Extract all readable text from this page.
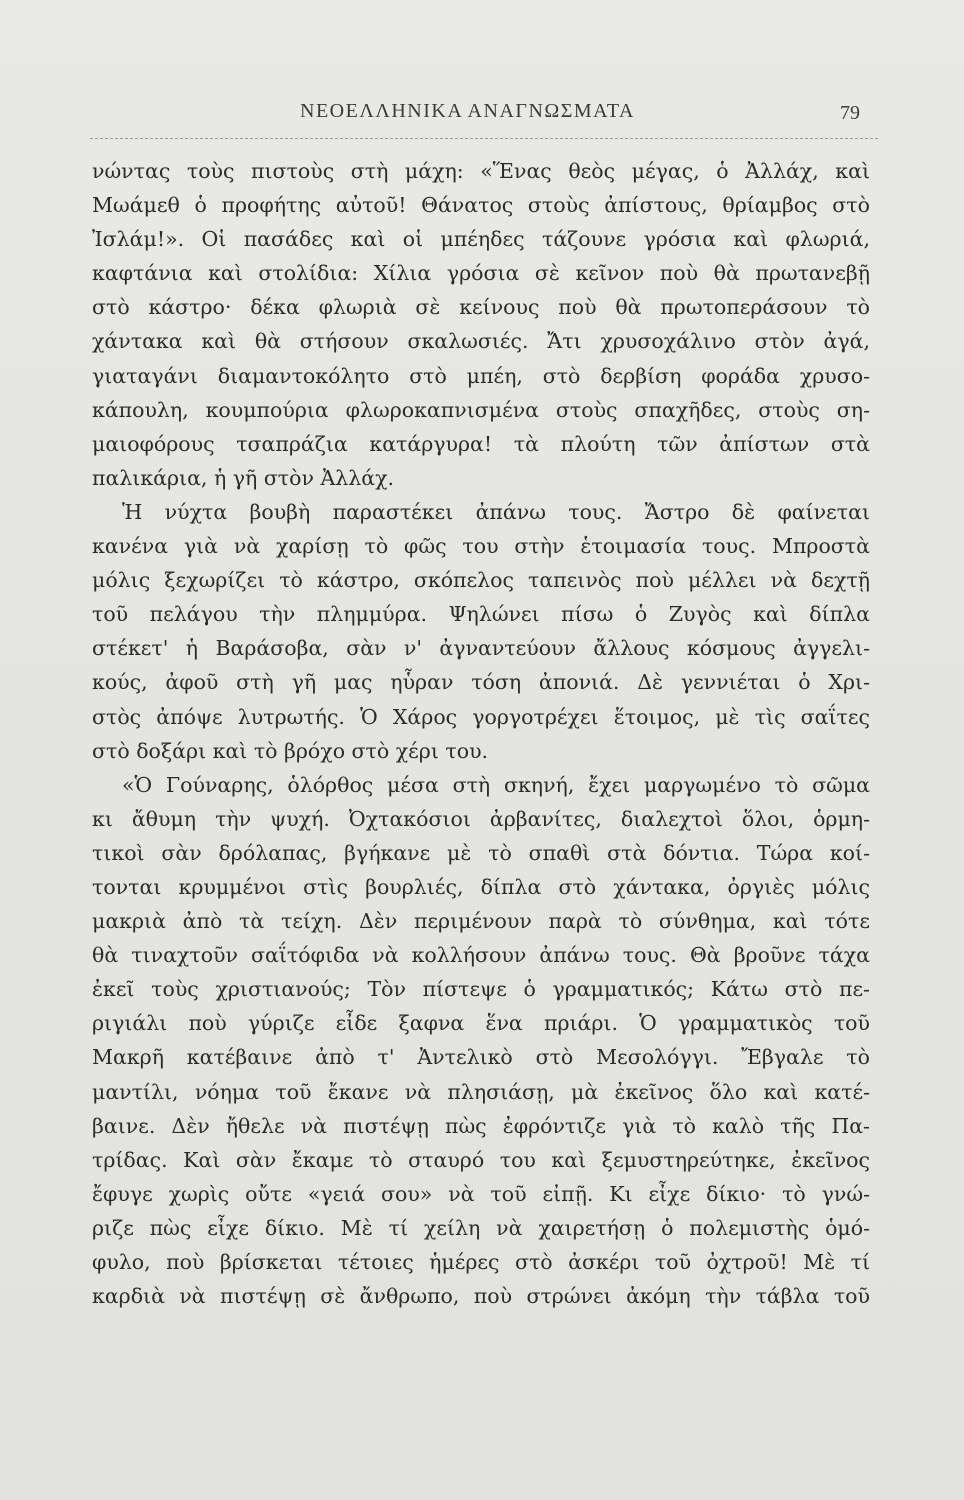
ΝΕΟΕΛΛΗΝΙΚΑ ΑΝΑΓΝΩΣΜΑΤΑ	79
νώντας τοὺς πιστοὺς στὴ μάχη: «Ἕνας θεὸς μέγας, ὁ Ἀλλάχ, καὶ
Μωάμεθ ὁ προφήτης αὐτοῦ! Θάνατος στοὺς ἀπίστους, θρίαμβος στὸ
Ἰσλάμ!». Οἱ πασάδες καὶ οἱ μπέηδες τάζουνε γρόσια καὶ φλωριά,
καφτάνια καὶ στολίδια: Χίλια γρόσια σὲ κεῖνον ποὺ θὰ πρωτανεβῇ
στὸ κάστρο· δέκα φλωριὰ σὲ κείνους ποὺ θὰ πρωτοπεράσουν τὸ
χάντακα καὶ θὰ στήσουν σκαλωσιές. Ἄτι χρυσοχάλινο στὸν ἀγά,
γιαταγάνι διαμαντοκόλητο στὸ μπέη, στὸ δερβίση φοράδα χρυσο-
κάπουλη, κουμπούρια φλωροκαπνισμένα στοὺς σπαχῆδες, στοὺς ση-
μαιοφόρους τσαπράζια κατάργυρα! τὰ πλούτη τῶν ἀπίστων στὰ
παλικάρια, ἡ γῆ στὸν Ἀλλάχ.
Ἡ νύχτα βουβὴ παραστέκει ἀπάνω τους. Ἄστρο δὲ φαίνεται
κανένα γιὰ νὰ χαρίσῃ τὸ φῶς του στὴν ἑτοιμασία τους. Μπροστὰ
μόλις ξεχωρίζει τὸ κάστρο, σκόπελος ταπεινὸς ποὺ μέλλει νὰ δεχτῇ
τοῦ πελάγου τὴν πλημμύρα. Ψηλώνει πίσω ὁ Ζυγὸς καὶ δίπλα
στέκετ' ἡ Βαράσοβα, σὰν ν' ἀγναντεύουν ἄλλους κόσμους ἀγγελι-
κούς, ἀφοῦ στὴ γῆ μας ηὗραν τόση ἀπονιά. Δὲ γεννιέται ὁ Χρι-
στὸς ἀπόψε λυτρωτής. Ὁ Χάρος γοργοτρέχει ἕτοιμος, μὲ τὶς σαΐτες
στὸ δοξάρι καὶ τὸ βρόχο στὸ χέρι του.
«Ὁ Γούναρης, ὁλόρθος μέσα στὴ σκηνή, ἔχει μαργωμένο τὸ σῶμα
κι ἄθυμη τὴν ψυχή. Ὀχτακόσιοι ἀρβανίτες, διαλεχτοὶ ὅλοι, ὁρμη-
τικοὶ σὰν δρόλαπας, βγήκανε μὲ τὸ σπαθὶ στὰ δόντια. Τώρα κοί-
τονται κρυμμένοι στὶς βουρλιές, δίπλα στὸ χάντακα, ὀργιὲς μόλις
μακριὰ ἀπὸ τὰ τείχη. Δὲν περιμένουν παρὰ τὸ σύνθημα, καὶ τότε
θὰ τιναχτοῦν σαΐτόφιδα νὰ κολλήσουν ἀπάνω τους. Θὰ βροῦνε τάχα
ἐκεῖ τοὺς χριστιανούς; Τὸν πίστεψε ὁ γραμματικός; Κάτω στὸ πε-
ριγιάλι ποὺ γύριζε εἶδε ξαφνα ἕνα πριάρι. Ὁ γραμματικὸς τοῦ
Μακρῆ κατέβαινε ἀπὸ τ' Ἀντελικὸ στὸ Μεσολόγγι. Ἔβγαλε τὸ
μαντίλι, νόημα τοῦ ἔκανε νὰ πλησιάσῃ, μὰ ἐκεῖνος ὅλο καὶ κατέ-
βαινε. Δὲν ἤθελε νὰ πιστέψῃ πὼς ἐφρόντιζε γιὰ τὸ καλὸ τῆς Πα-
τρίδας. Καὶ σὰν ἔκαμε τὸ σταυρό του καὶ ξεμυστηρεύτηκε, ἐκεῖνος
ἔφυγε χωρὶς οὔτε «γειά σου» νὰ τοῦ εἰπῇ. Κι εἶχε δίκιο· τὸ γνώ-
ριζε πὼς εἶχε δίκιο. Μὲ τί χείλη νὰ χαιρετήσῃ ὁ πολεμιστὴς ὁμό-
φυλο, ποὺ βρίσκεται τέτοιες ἡμέρες στὸ ἀσκέρι τοῦ ὀχτροῦ! Μὲ τί
καρδιὰ νὰ πιστέψῃ σὲ ἄνθρωπο, ποὺ στρώνει ἀκόμη τὴν τάβλα τοῦ
